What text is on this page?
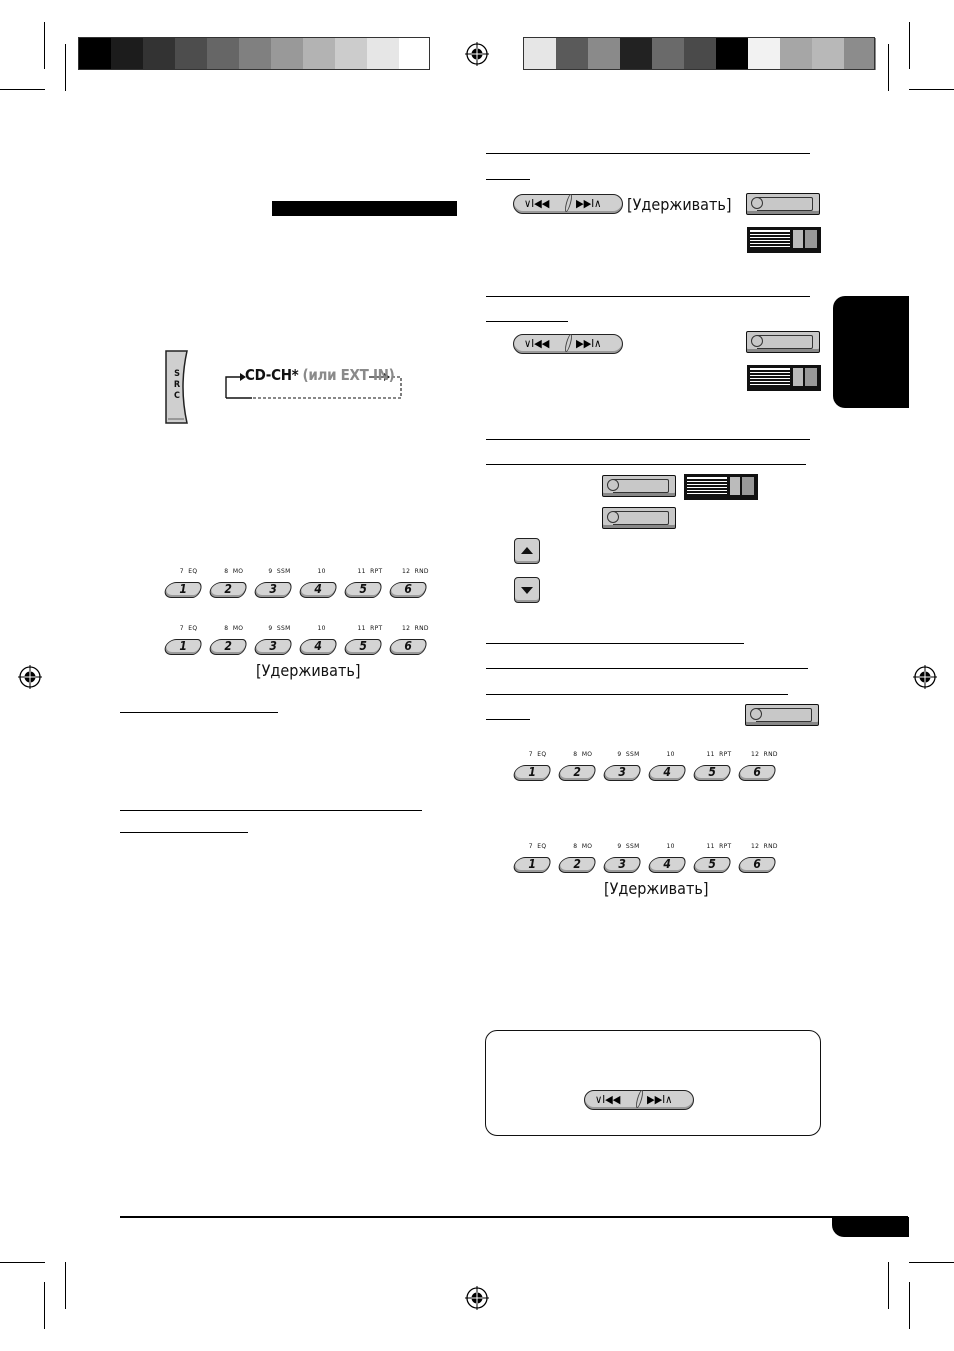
S
R
C
CD-CH* (или EXT IN)
7  EQ
1
8  MO
2
9  SSM
3
10
4
11  RPT
5
12  RND
6
7  EQ
1
8  MO
2
9  SSM
3
10
4
11  RPT
5
12  RND
6
[Удерживать]
∨I◀◀ ▶▶I∧ [Удерживать]
∨I◀◀ ▶▶I∧
7  EQ
1
8  MO
2
9  SSM
3
10
4
11  RPT
5
12  RND
6
7  EQ
1
8  MO
2
9  SSM
3
10
4
11  RPT
5
12  RND
6
[Удерживать]
∨I◀◀ ▶▶I∧
